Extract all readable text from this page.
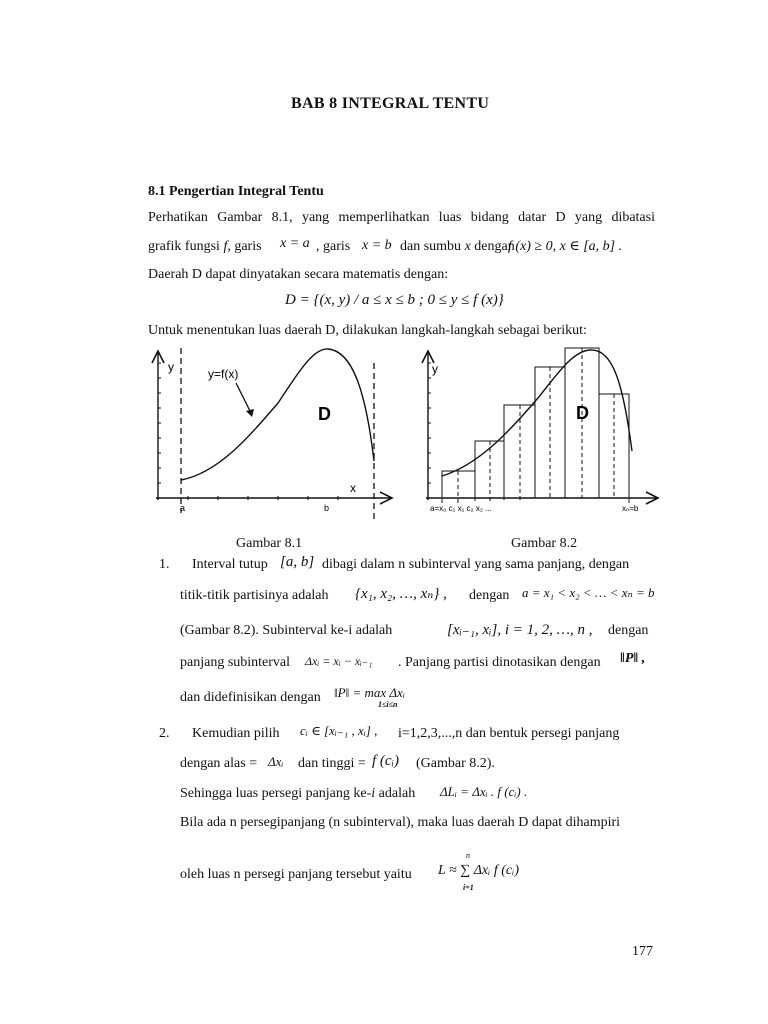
BAB 8 INTEGRAL TENTU
8.1 Pengertian Integral Tentu
Perhatikan Gambar 8.1, yang memperlihatkan luas bidang datar D yang dibatasi
grafik fungsi f, garis x = a , garis x = b dan sumbu x dengan
f (x) ≥ 0, x ∈ [a, b] .
Daerah D dapat dinyatakan secara matematis dengan:
D = {(x, y) / a ≤ x ≤ b ; 0 ≤ y ≤ f (x)}
Untuk menentukan luas daerah D, dilakukan langkah-langkah sebagai berikut:
y	y=f(x)
D
x
a	b
y
D
a=x₀ c₁ x₁ c₂ x₂ ...	xₙ=b
Gambar 8.1	Gambar 8.2
1. Interval tutup [a, b] dibagi dalam n subinterval yang sama panjang, dengan
titik-titik partisinya adalah {x₁, x₂, …, xₙ} , dengan a = x₁ < x₂ < … < xₙ = b
(Gambar 8.2). Subinterval ke-i adalah	[xᵢ₋₁, xᵢ], i = 1, 2, …, n , dengan
panjang subinterval Δxᵢ = xᵢ − xᵢ₋₁ . Panjang partisi dinotasikan dengan ‖P‖ ,
dan didefinisikan dengan ‖P‖ = max Δxᵢ
1≤i≤n
2. Kemudian pilih cᵢ ∈ [xᵢ₋₁ , xᵢ] , i=1,2,3,...,n dan bentuk persegi panjang
dengan alas = Δxᵢ dan tinggi = f (cᵢ) (Gambar 8.2).
Sehingga luas persegi panjang ke-i adalah ΔLᵢ = Δxᵢ . f (cᵢ) .
Bila ada n persegipanjang (n subinterval), maka luas daerah D dapat dihampiri
oleh luas n persegi panjang tersebut yaitu
n
L ≈ ∑ Δxᵢ f (cᵢ)
i=1
177
